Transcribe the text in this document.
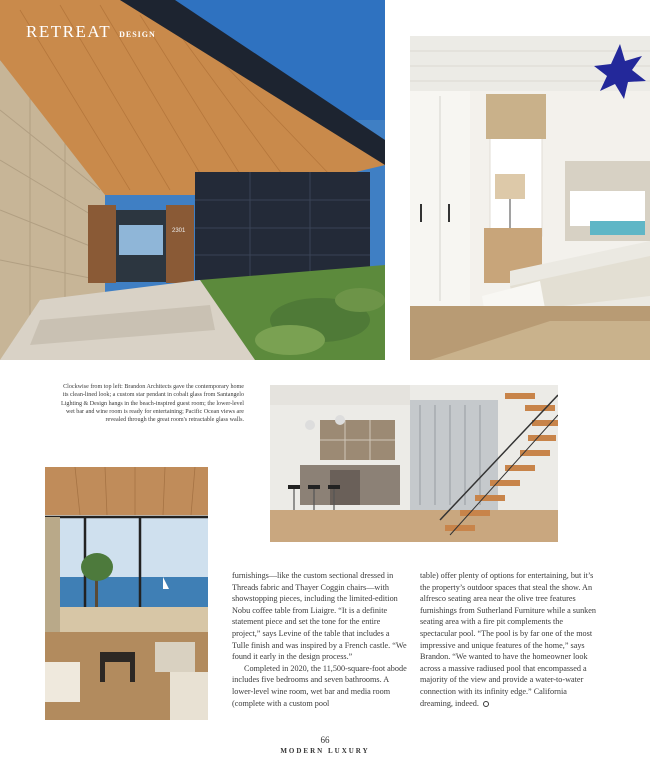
2301
RETREAT DESIGN
Clockwise from top left: Brandon Architects gave the contemporary home its clean-lined look; a custom star pendant in cobalt glass from Santangelo Lighting & Design hangs in the beach-inspired guest room; the lower-level wet bar and wine room is ready for entertaining; Pacific Ocean views are revealed through the great room's retractable glass walls.

furnishings—like the custom sectional dressed in Threads fabric and Thayer Coggin chairs—with showstopping pieces, including the limited-edition Nobu coffee table from Liaigre. “It is a definite statement piece and set the tone for the entire project,” says Levine of the table that includes a Tulle finish and was inspired by a French castle. “We found it early in the design process.”

Completed in 2020, the 11,500-square-foot abode includes five bedrooms and seven bathrooms. A lower-level wine room, wet bar and media room (complete with a custom pool

table) offer plenty of options for entertaining, but it’s the property’s outdoor spaces that steal the show. An alfresco seating area near the olive tree features furnishings from Sutherland Furniture while a sunken seating area with a fire pit complements the spectacular pool. “The pool is by far one of the most impressive and unique features of the home,” says Brandon. “We wanted to have the homeowner look across a massive radiused pool that encompassed a majority of the view and provide a water-to-water connection with its infinity edge.” California dreaming, indeed.

66
MODERN LUXURY
